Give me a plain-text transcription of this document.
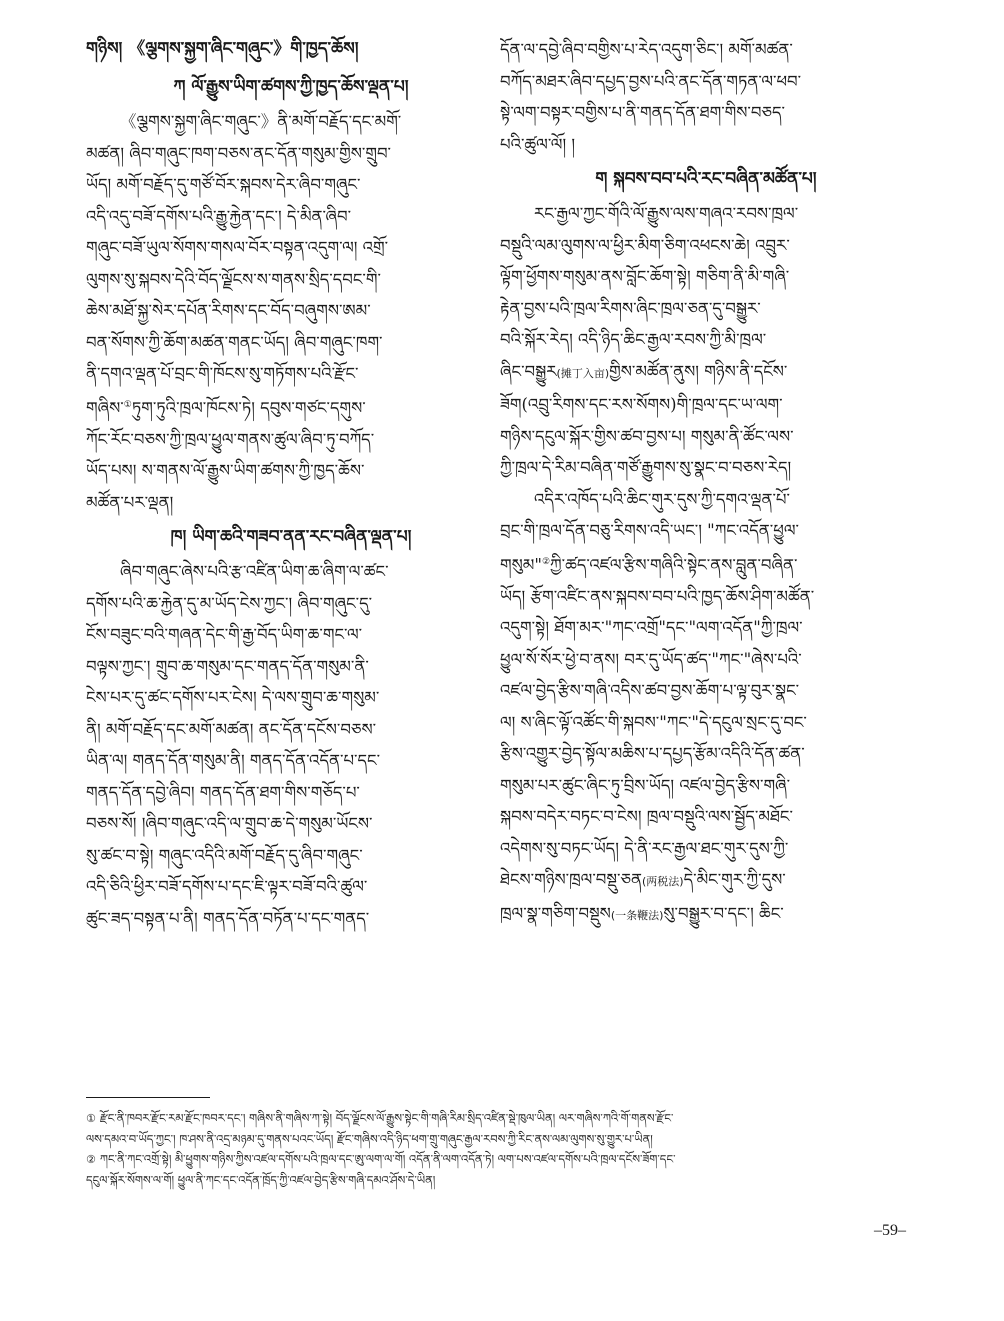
གཉིས། 《ལྕགས་སྐྱག་ཞིང་གཞུང་》གི་ཁྱད་ཆོས།
ཀ ལོ་རྒྱུས་ཡིག་ཚགས་ཀྱི་ཁྱད་ཆོས་ལྡན་པ།
《ལྕགས་སྐྱག་ཞིང་གཞུང་》ནི་མགོ་བརྗོད་དང་མགོ་
མཚན། ཞིབ་གཞུང་ཁག་བཅས་ནང་དོན་གསུམ་གྱིས་གྲུབ་
ཡོད། མགོ་བརྗོད་དུ་གཙོ་བོར་སྐབས་དེར་ཞིབ་གཞུང་
འདི་འདུ་བཟོ་དགོས་པའི་རྒྱུ་རྐྱེན་དང་། དེ་མིན་ཞིབ་
གཞུང་བཟོ་ཡུལ་སོགས་གསལ་བོར་བསྟན་འདུག་ལ། འགྲོ་
ལུགས་སུ་སྐབས་དེའི་བོད་ལྗོངས་ས་གནས་སྲིད་དབང་གི་
ཆེས་མཐོ་སྐྱ་སེར་དཔོན་རིགས་དང་བོད་བཞུགས་ཨམ་
བན་སོགས་ཀྱི་ཆོག་མཚན་གནང་ཡོད། ཞིབ་གཞུང་ཁག་
ནི་དགའ་ལྡན་པོ་བྲང་གི་ཁོངས་སུ་གཏོགས་པའི་རྫོང་
གཞིས་①ཏུག་ཏུའི་ཁྲལ་ཁོངས་ཏེ། དབུས་གཙང་དགུས་
ཀོང་རོང་བཅས་ཀྱི་ཁྲལ་ཕྱུལ་གནས་ཚུལ་ཞིབ་ཏུ་བཀོད་
ཡོད་པས། ས་གནས་ལོ་རྒྱུས་ཡིག་ཚགས་ཀྱི་ཁྱད་ཆོས་
མཚོན་པར་ལྡན།
ཁ། ཡིག་ཆའི་གཟབ་ནན་རང་བཞིན་ལྡན་པ།
ཞིབ་གཞུང་ཞེས་པའི་རྩ་འཛིན་ཡིག་ཆ་ཞིག་ལ་ཚང་
དགོས་པའི་ཆ་རྐྱེན་དུ་མ་ཡོད་ངེས་ཀྱང་། ཞིབ་གཞུང་དུ་
ངོས་བཟུང་བའི་གཞན་དེང་གི་རྒྱ་བོད་ཡིག་ཆ་གང་ལ་
བལྟས་ཀྱང་། གྲུབ་ཆ་གསུམ་དང་གནད་དོན་གསུམ་ནི་
ངེས་པར་དུ་ཚང་དགོས་པར་ངེས། དེ་ལས་གྲུབ་ཆ་གསུམ་
ནི། མགོ་བརྗོད་དང་མགོ་མཚན། ནང་དོན་དངོས་བཅས་
ཡིན་ལ། གནད་དོན་གསུམ་ནི། གནད་དོན་འདོན་པ་དང་
གནད་དོན་དབྱེ་ཞིབ། གནད་དོན་ཐག་གིས་གཅོད་པ་
བཅས་སོ། །ཞིབ་གཞུང་འདི་ལ་གྲུབ་ཆ་དེ་གསུམ་ཡོངས་
སུ་ཚང་བ་སྟེ། གཞུང་འདིའི་མགོ་བརྗོད་དུ་ཞིབ་གཞུང་
འདི་ཅིའི་ཕྱིར་བཟོ་དགོས་པ་དང་ཇི་ལྟར་བཟོ་བའི་ཚུལ་
ཚུང་ཟད་བསྟན་པ་ནི། གནད་དོན་བཏོན་པ་དང་གནད་
དོན་ལ་དབྱེ་ཞིབ་བགྱིས་པ་རེད་འདུག་ཅིང་། མགོ་མཚན་
བཀོད་མཐར་ཞིབ་དཔྱད་བྱས་པའི་ནང་དོན་གཏན་ལ་ཕབ་
སྟེ་ལག་བསྟར་བགྱིས་པ་ནི་གནད་དོན་ཐག་གིས་བཅད་
པའི་ཚུལ་ལོ། །
ག སྐབས་བབ་པའི་རང་བཞིན་མཚོན་པ།
རང་རྒྱལ་ཀྱང་གོའི་ལོ་རྒྱུས་ལས་གཞའ་རབས་ཁྲལ་
བསྡུའི་ལམ་ལུགས་ལ་ཕྱིར་མིག་ཅིག་འཕངས་ཆེ། འབྲུར་
ལྟོག་ཕྱོགས་གསུམ་ནས་བློང་ཆོག་སྟེ། གཅིག་ནི་མི་གཞི་
རྟེན་བྱས་པའི་ཁྲལ་རིགས་ཞིང་ཁྲལ་ཅན་དུ་བསྒྱུར་
བའི་སྐོར་རེད། འདི་ཉིད་ཆིང་རྒྱལ་རབས་ཀྱི་མི་ཁྲལ་
ཞིང་བསྒྱུར(摊丁入亩)གྱིས་མཚོན་ནུས། གཉིས་ནི་དངོས་
ཟོག(འབྲུ་རིགས་དང་རས་སོགས)གི་ཁྲལ་དང་ཡ་ལག་
གཉིས་དངུལ་སྐོར་གྱིས་ཚབ་བྱས་པ། གསུམ་ནི་ཚོང་ལས་
ཀྱི་ཁྲལ་དེ་རིམ་བཞིན་གཙོ་རྒྱུགས་སུ་སྣང་བ་བཅས་རེད།
འདིར་འཁོད་པའི་ཆིང་གུར་དུས་ཀྱི་དགའ་ལྡན་པོ་
བྲང་གི་ཁྲལ་དོན་བཅུ་རིགས་འདི་ཡང་། "ཀང་འདོན་ཕྱུལ་
གསུམ"②ཀྱི་ཚད་འཛལ་རྩིས་གཞིའི་སྟེང་ནས་བླུན་བཞིན་
ཡོད། རྩོག་འཛིང་ནས་སྐབས་བབ་པའི་ཁྱད་ཆོས་ཤིག་མཚོན་
འདུག་སྟེ། ཐོག་མར་"ཀང་འགྲོ"དང་"ལག་འདོན"ཀྱི་ཁྲལ་
ཕྱུལ་སོ་སོར་ཕྱེ་བ་ནས། བར་དུ་ཡོད་ཚད་"ཀང་"ཞེས་པའི་
འཛལ་བྱེད་རྩིས་གཞི་འདིས་ཚབ་བྱས་ཆོག་པ་ལྟ་བུར་སྣང་
ལ། ས་ཞིང་ལྟོ་འཚོང་གི་སྐབས་"ཀང་"དེ་དངུལ་སྲང་དུ་བང་
རྩིས་འགྱུར་བྱེད་སྟོལ་མཆིས་པ་དཔྱད་རྩོམ་འདིའི་དོན་ཚན་
གསུམ་པར་ཚུང་ཞིང་ཏུ་བྲིས་ཡོད། འཛལ་བྱེད་རྩིས་གཞི་
སྐབས་བདེར་བཏང་བ་ངེས། ཁྲལ་བསྡུའི་ལས་སྦྱོད་མཐོང་
འདེགས་སུ་བཏང་ཡོད། དེ་ནི་རང་རྒྱལ་ཐང་གུར་དུས་ཀྱི་
ཐེངས་གཉིས་ཁྲལ་བསྡུ་ཅན(两税法)དེ་མིང་གུར་ཀྱི་དུས་
ཁྲལ་སྣ་གཅིག་བསྡུས(一条鞭法)སུ་བསྒྱུར་བ་དང་། ཆིང་
① རྫོང་ནི་ཁབར་རྫོང་རམ་རྫོང་ཁབར་དང་། གཞིས་ནི་གཞིས་ཀ་སྟེ། བོད་ལྗོངས་ལོ་རྒྱུས་སྟེང་གི་གཞི་རིམ་སྲིད་འཛིན་སྡེ་ཁུལ་ཡིན། ལར་གཞིས་ཀའི་གོ་གནས་རྫོང་
ལས་དམའ་བ་ཡོད་ཀྱང་། ཁ་ཤས་ནི་འདྲ་མཉམ་དུ་གནས་པའང་ཡོད། རྫོང་གཞིས་འདི་ཉིད་ཕག་གྲུ་གཞུང་རྒྱལ་རབས་ཀྱི་རིང་ནས་ལམ་ལུགས་སུ་གྱུར་པ་ཡིན།
② ཀང་ནི་ཀང་འགྲོ་སྟེ། མི་ཕྱུགས་གཉིས་ཀྱིས་འཛལ་དགོས་པའི་ཁྲལ་དང་ཨུ་ལག་ལ་གོ། འདོན་ནི་ལག་འདོན་ཏེ། ལག་པས་འཛལ་དགོས་པའི་ཁྲལ་དངོས་ཟོག་དང་
དངུལ་སྐོར་སོགས་ལ་གོ། ཕྱུལ་ནི་ཀང་དང་འདོན་ཁྲོད་ཀྱི་འཛལ་བྱེད་རྩིས་གཞི་དམའ་ཤོས་དེ་ཡིན།
–59–
